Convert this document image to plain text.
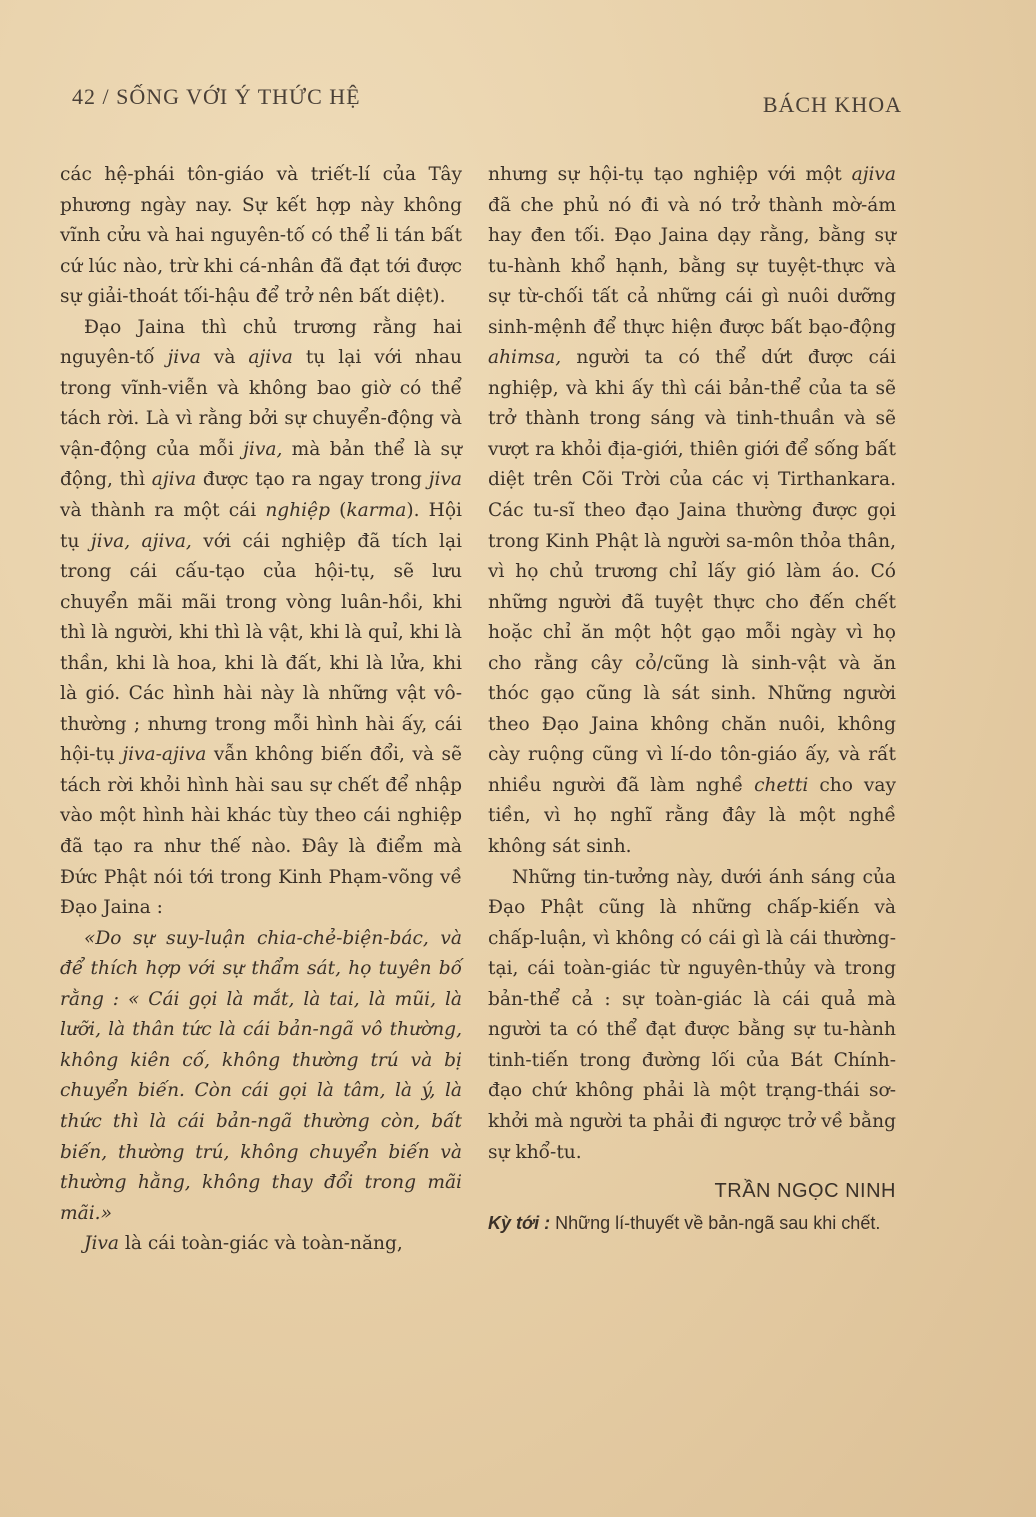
42 / SỐNG VỚI Ý THỨC HỆ	BÁCH KHOA

các hệ-phái tôn-giáo và triết-lí của Tây phương ngày nay. Sự kết hợp này không vĩnh cửu và hai nguyên-tố có thể li tán bất cứ lúc nào, trừ khi cá-nhân đã đạt tới được sự giải-thoát tối-hậu để trở nên bất diệt).

Đạo Jaina thì chủ trương rằng hai nguyên-tố jiva và ajiva tụ lại với nhau trong vĩnh-viễn và không bao giờ có thể tách rời. Là vì rằng bởi sự chuyển-động và vận-động của mỗi jiva, mà bản thể là sự động, thì ajiva được tạo ra ngay trong jiva và thành ra một cái nghiệp (karma). Hội tụ jiva, ajiva, với cái nghiệp đã tích lại trong cái cấu-tạo của hội-tụ, sẽ lưu chuyển mãi mãi trong vòng luân-hồi, khi thì là người, khi thì là vật, khi là quỉ, khi là thần, khi là hoa, khi là đất, khi là lửa, khi là gió. Các hình hài này là những vật vô-thường ; nhưng trong mỗi hình hài ấy, cái hội-tụ jiva-ajiva vẫn không biến đổi, và sẽ tách rời khỏi hình hài sau sự chết để nhập vào một hình hài khác tùy theo cái nghiệp đã tạo ra như thế nào. Đây là điểm mà Đức Phật nói tới trong Kinh Phạm-võng về Đạo Jaina :

«Do sự suy-luận chia-chẻ-biện-bác, và để thích hợp với sự thẩm sát, họ tuyên bố rằng : « Cái gọi là mắt, là tai, là mũi, là lưỡi, là thân tức là cái bản-ngã vô thường, không kiên cố, không thường trú và bị chuyển biến. Còn cái gọi là tâm, là ý, là thức thì là cái bản-ngã thường còn, bất biến, thường trú, không chuyển biến và thường hằng, không thay đổi trong mãi mãi.»

Jiva là cái toàn-giác và toàn-năng,

nhưng sự hội-tụ tạo nghiệp với một ajiva đã che phủ nó đi và nó trở thành mờ-ám hay đen tối. Đạo Jaina dạy rằng, bằng sự tu-hành khổ hạnh, bằng sự tuyệt-thực và sự từ-chối tất cả những cái gì nuôi dưỡng sinh-mệnh để thực hiện được bất bạo-động ahimsa, người ta có thể dứt được cái nghiệp, và khi ấy thì cái bản-thể của ta sẽ trở thành trong sáng và tinh-thuần và sẽ vượt ra khỏi địa-giới, thiên giới để sống bất diệt trên Cõi Trời của các vị Tirthankara. Các tu-sĩ theo đạo Jaina thường được gọi trong Kinh Phật là người sa-môn thỏa thân, vì họ chủ trương chỉ lấy gió làm áo. Có những người đã tuyệt thực cho đến chết hoặc chỉ ăn một hột gạo mỗi ngày vì họ cho rằng cây cỏ/cũng là sinh-vật và ăn thóc gạo cũng là sát sinh. Những người theo Đạo Jaina không chăn nuôi, không cày ruộng cũng vì lí-do tôn-giáo ấy, và rất nhiều người đã làm nghề chetti cho vay tiền, vì họ nghĩ rằng đây là một nghề không sát sinh.

Những tin-tưởng này, dưới ánh sáng của Đạo Phật cũng là những chấp-kiến và chấp-luận, vì không có cái gì là cái thường-tại, cái toàn-giác từ nguyên-thủy và trong bản-thể cả : sự toàn-giác là cái quả mà người ta có thể đạt được bằng sự tu-hành tinh-tiến trong đường lối của Bát Chính-đạo chứ không phải là một trạng-thái sơ-khởi mà người ta phải đi ngược trở về bằng sự khổ-tu.

TRẦN NGỌC NINH
Kỳ tới : Những lí-thuyết về bản-ngã sau khi chết.
